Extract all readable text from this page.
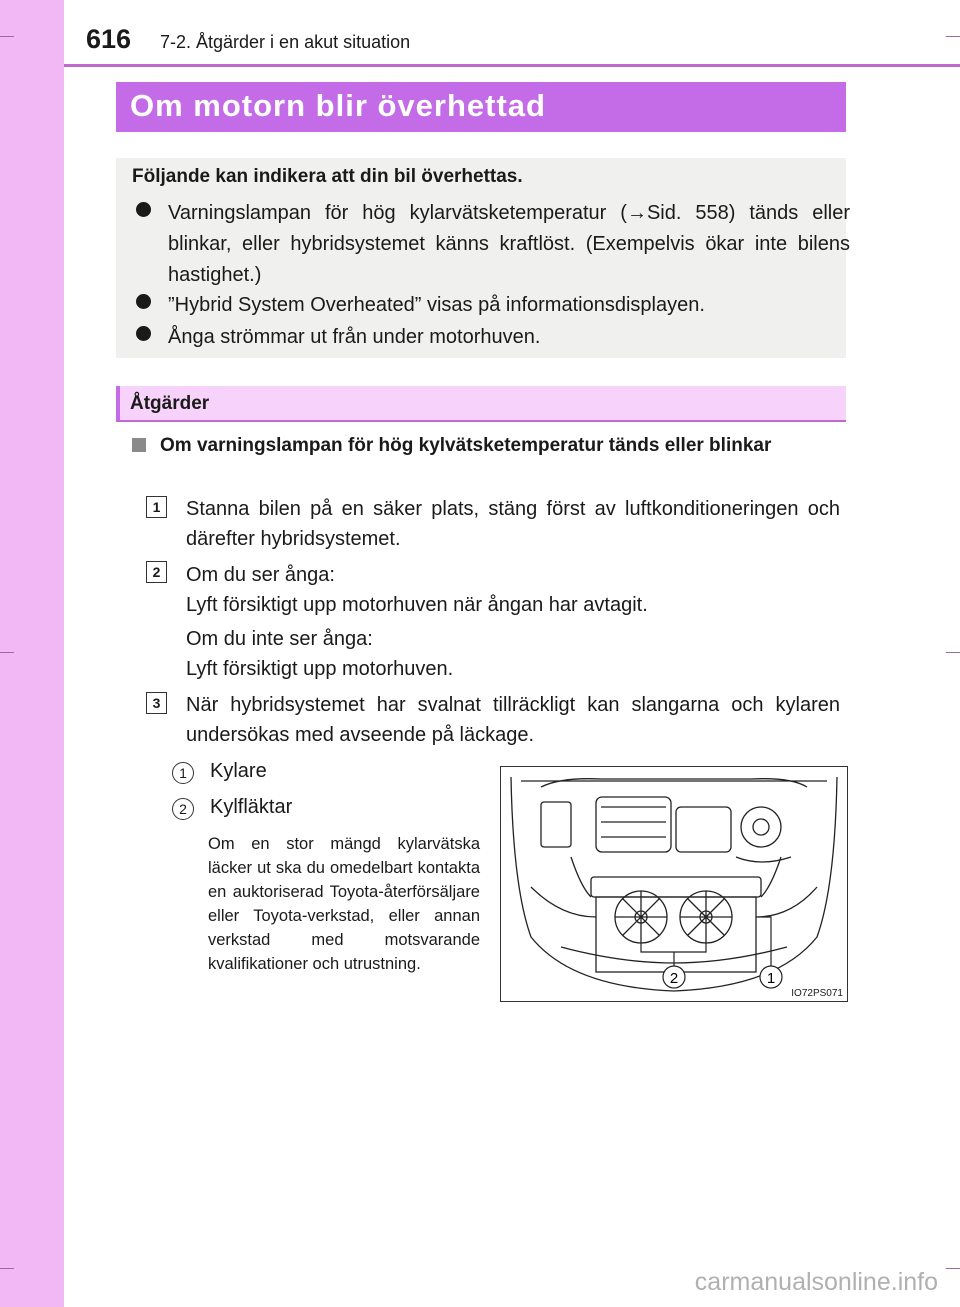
616 7-2. Åtgärder i en akut situation
Om motorn blir överhettad
Följande kan indikera att din bil överhettas.
Varningslampan för hög kylarvätsketemperatur (→Sid. 558) tänds eller blinkar, eller hybridsystemet känns kraftlöst. (Exempelvis ökar inte bilens hastighet.)
”Hybrid System Overheated” visas på informationsdisplayen.
Ånga strömmar ut från under motorhuven.
Åtgärder
Om varningslampan för hög kylvätsketemperatur tänds eller blinkar
1	Stanna bilen på en säker plats, stäng först av luftkonditioneringen och därefter hybridsystemet.
2	Om du ser ånga:
Lyft försiktigt upp motorhuven när ångan har avtagit.
Om du inte ser ånga:
Lyft försiktigt upp motorhuven.
3	När hybridsystemet har svalnat tillräckligt kan slangarna och kylaren undersökas med avseende på läckage.
1	Kylare
2	Kylfläktar
Om en stor mängd kylarvätska läcker ut ska du omedelbart kontakta en auktoriserad Toyota-återförsäljare eller Toyota-verkstad, eller annan verkstad med motsvarande kvalifikationer och utrustning.
2	1
IO72PS071
carmanualsonline.info
